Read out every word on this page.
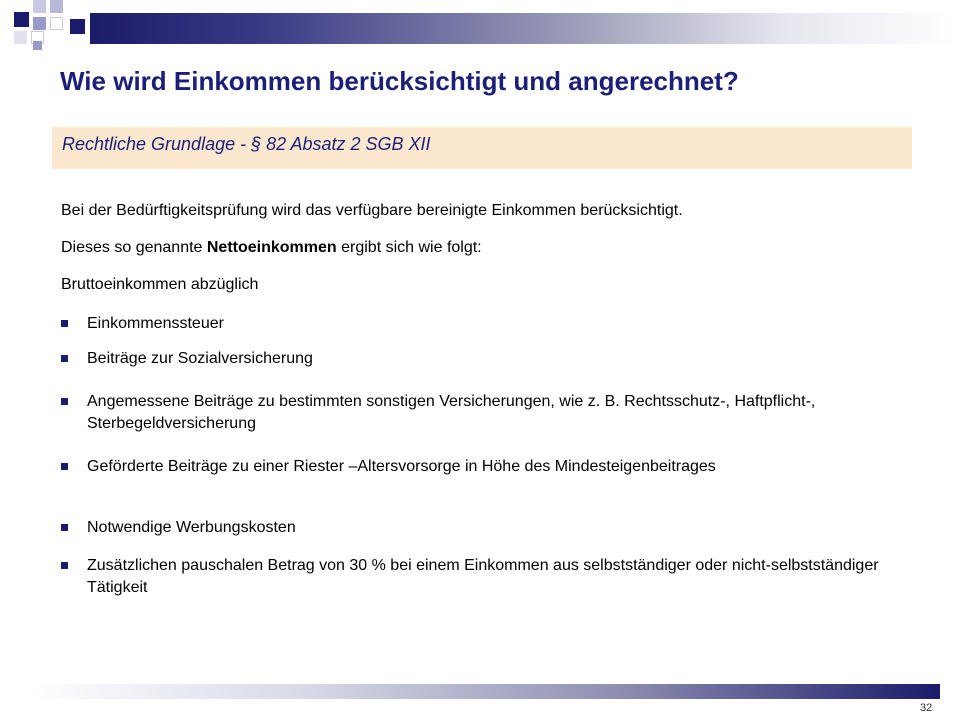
Wie wird Einkommen berücksichtigt und angerechnet?
Rechtliche Grundlage - § 82 Absatz 2 SGB XII
Bei der Bedürftigkeitsprüfung wird das verfügbare bereinigte Einkommen berücksichtigt.
Dieses so genannte Nettoeinkommen ergibt sich wie folgt:
Bruttoeinkommen abzüglich
Einkommenssteuer
Beiträge zur Sozialversicherung
Angemessene Beiträge zu bestimmten sonstigen Versicherungen, wie z. B. Rechtsschutz-, Haftpflicht-, Sterbegeldversicherung
Geförderte Beiträge zu einer Riester –Altersvorsorge in Höhe des Mindesteigenbeitrages
Notwendige Werbungskosten
Zusätzlichen pauschalen Betrag von 30 % bei einem Einkommen aus selbstständiger oder nicht-selbstständiger Tätigkeit
32
